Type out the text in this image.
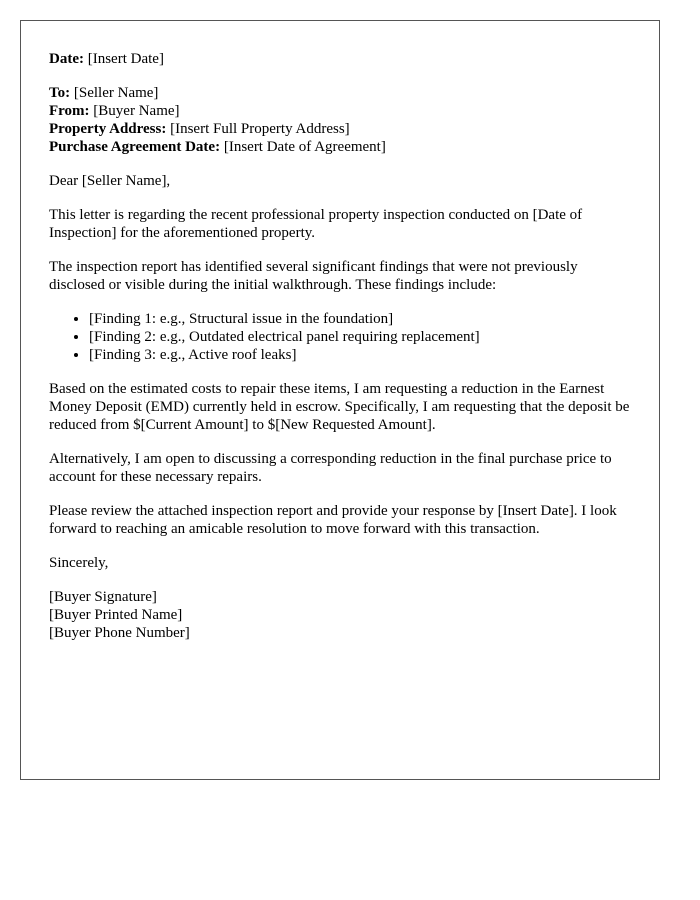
Date: [Insert Date]
To: [Seller Name]
From: [Buyer Name]
Property Address: [Insert Full Property Address]
Purchase Agreement Date: [Insert Date of Agreement]

Dear [Seller Name],

This letter is regarding the recent professional property inspection conducted on [Date of Inspection] for the aforementioned property.

The inspection report has identified several significant findings that were not previously disclosed or visible during the initial walkthrough. These findings include:

• [Finding 1: e.g., Structural issue in the foundation]
• [Finding 2: e.g., Outdated electrical panel requiring replacement]
• [Finding 3: e.g., Active roof leaks]

Based on the estimated costs to repair these items, I am requesting a reduction in the Earnest Money Deposit (EMD) currently held in escrow. Specifically, I am requesting that the deposit be reduced from $[Current Amount] to $[New Requested Amount].

Alternatively, I am open to discussing a corresponding reduction in the final purchase price to account for these necessary repairs.

Please review the attached inspection report and provide your response by [Insert Date]. I look forward to reaching an amicable resolution to move forward with this transaction.

Sincerely,

[Buyer Signature]
[Buyer Printed Name]
[Buyer Phone Number]
